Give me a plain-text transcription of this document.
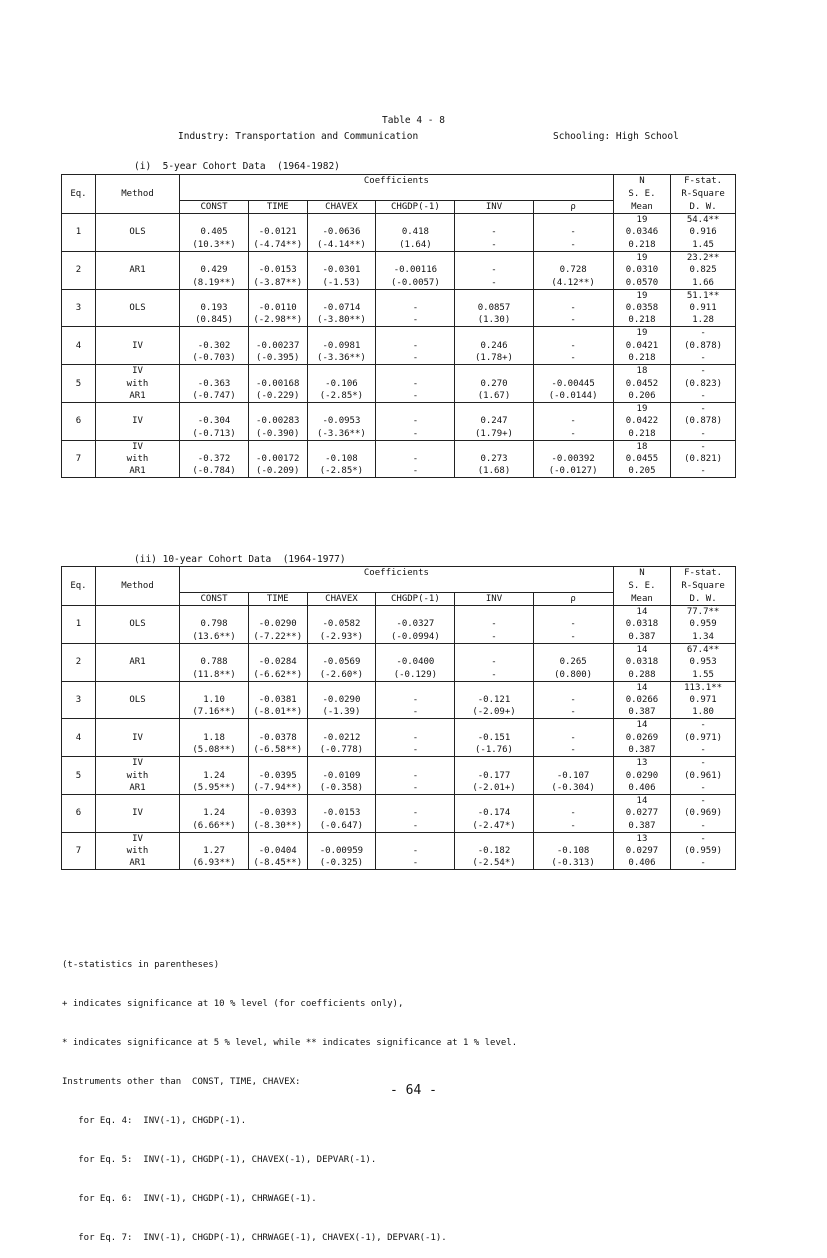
Table 4 - 8
Industry: Transportation and Communication	Schooling: High School
(i)  5-year Cohort Data  (1964-1982)
Eq.	Method	Coefficients						N	F-stat.
								S. E.	R-Square
		CONST	TIME	CHAVEX	CHGDP(-1)	INV	ρ	Mean	D. W.
1								19	54.4**
	OLS	0.405	-0.0121	-0.0636	0.418	-	-	0.0346	0.916
		(10.3**)	(-4.74**)	(-4.14**)	(1.64)	-	-	0.218	1.45
2								19	23.2**
	AR1	0.429	-0.0153	-0.0301	-0.00116	-	0.728	0.0310	0.825
		(8.19**)	(-3.87**)	(-1.53)	(-0.0057)	-	(4.12**)	0.0570	1.66
3								19	51.1**
	OLS	0.193	-0.0110	-0.0714	-	0.0857	-	0.0358	0.911
		(0.845)	(-2.98**)	(-3.80**)	-	(1.30)	-	0.218	1.28
4								19	-
	IV	-0.302	-0.00237	-0.0981	-	0.246	-	0.0421	(0.878)
		(-0.703)	(-0.395)	(-3.36**)	-	(1.78+)	-	0.218	-
5	IV							18	-
	with	-0.363	-0.00168	-0.106	-	0.270	-0.00445	0.0452	(0.823)
	AR1	(-0.747)	(-0.229)	(-2.85*)	-	(1.67)	(-0.0144)	0.206	-
6								19	-
	IV	-0.304	-0.00283	-0.0953	-	0.247	-	0.0422	(0.878)
		(-0.713)	(-0.390)	(-3.36**)	-	(1.79+)	-	0.218	-
7	IV							18	-
	with	-0.372	-0.00172	-0.108	-	0.273	-0.00392	0.0455	(0.821)
	AR1	(-0.784)	(-0.209)	(-2.85*)	-	(1.68)	(-0.0127)	0.205	-
(ii) 10-year Cohort Data  (1964-1977)
Eq.	Method	Coefficients						N	F-stat.
								S. E.	R-Square
		CONST	TIME	CHAVEX	CHGDP(-1)	INV	ρ	Mean	D. W.
1								14	77.7**
	OLS	0.798	-0.0290	-0.0582	-0.0327	-	-	0.0318	0.959
		(13.6**)	(-7.22**)	(-2.93*)	(-0.0994)	-	-	0.387	1.34
2								14	67.4**
	AR1	0.788	-0.0284	-0.0569	-0.0400	-	0.265	0.0318	0.953
		(11.8**)	(-6.62**)	(-2.60*)	(-0.129)	-	(0.800)	0.288	1.55
3								14	113.1**
	OLS	1.10	-0.0381	-0.0290	-	-0.121	-	0.0266	0.971
		(7.16**)	(-8.01**)	(-1.39)	-	(-2.09+)	-	0.387	1.80
4								14	-
	IV	1.18	-0.0378	-0.0212	-	-0.151	-	0.0269	(0.971)
		(5.08**)	(-6.58**)	(-0.778)	-	(-1.76)	-	0.387	-
5	IV							13	-
	with	1.24	-0.0395	-0.0109	-	-0.177	-0.107	0.0290	(0.961)
	AR1	(5.95**)	(-7.94**)	(-0.358)	-	(-2.01+)	(-0.304)	0.406	-
6								14	-
	IV	1.24	-0.0393	-0.0153	-	-0.174	-	0.0277	(0.969)
		(6.66**)	(-8.30**)	(-0.647)	-	(-2.47*)	-	0.387	-
7	IV							13	-
	with	1.27	-0.0404	-0.00959	-	-0.182	-0.108	0.0297	(0.959)
	AR1	(6.93**)	(-8.45**)	(-0.325)	-	(-2.54*)	(-0.313)	0.406	-

(t-statistics in parentheses)

+ indicates significance at 10 % level (for coefficients only),

* indicates significance at 5 % level, while ** indicates significance at 1 % level.

Instruments other than  CONST, TIME, CHAVEX:

for Eq. 4:  INV(-1), CHGDP(-1).

for Eq. 5:  INV(-1), CHGDP(-1), CHAVEX(-1), DEPVAR(-1).

for Eq. 6:  INV(-1), CHGDP(-1), CHRWAGE(-1).

for Eq. 7:  INV(-1), CHGDP(-1), CHRWAGE(-1), CHAVEX(-1), DEPVAR(-1).

- 64 -
